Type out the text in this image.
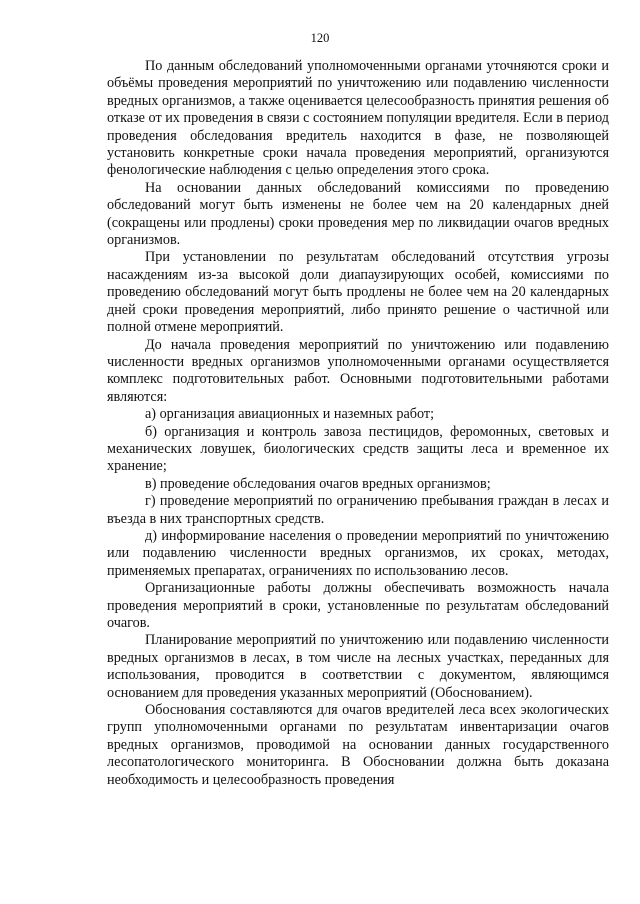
120

По данным обследований уполномоченными органами уточняются сроки и объёмы проведения мероприятий по уничтожению или подавлению численности вредных организмов, а также оценивается целесообразность принятия решения об отказе от их проведения в связи с состоянием популяции вредителя. Если в период проведения обследования вредитель находится в фазе, не позволяющей установить конкретные сроки начала проведения мероприятий, организуются фенологические наблюдения с целью определения этого срока.

На основании данных обследований комиссиями по проведению обследований могут быть изменены не более чем на 20 календарных дней (сокращены или продлены) сроки проведения мер по ликвидации очагов вредных организмов.

При установлении по результатам обследований отсутствия угрозы насаждениям из-за высокой доли диапаузирующих особей, комиссиями по проведению обследований могут быть продлены не более чем на 20 календарных дней сроки проведения мероприятий, либо принято решение о частичной или полной отмене мероприятий.

До начала проведения мероприятий по уничтожению или подавлению численности вредных организмов уполномоченными органами осуществляется комплекс подготовительных работ. Основными подготовительными работами являются:

а) организация авиационных и наземных работ;

б) организация и контроль завоза пестицидов, феромонных, световых и механических ловушек, биологических средств защиты леса и временное их хранение;

в) проведение обследования очагов вредных организмов;

г) проведение мероприятий по ограничению пребывания граждан в лесах и въезда в них транспортных средств.

д) информирование населения о проведении мероприятий по уничтожению или подавлению численности вредных организмов, их сроках, методах, применяемых препаратах, ограничениях по использованию лесов.

Организационные работы должны обеспечивать возможность начала проведения мероприятий в сроки, установленные по результатам обследований очагов.

Планирование мероприятий по уничтожению или подавлению численности вредных организмов в лесах, в том числе на лесных участках, переданных для использования, проводится в соответствии с документом, являющимся основанием для проведения указанных мероприятий (Обоснованием).

Обоснования составляются для очагов вредителей леса всех экологических групп уполномоченными органами по результатам инвентаризации очагов вредных организмов, проводимой на основании данных государственного лесопатологического мониторинга. В Обосновании должна быть доказана необходимость и целесообразность проведения
